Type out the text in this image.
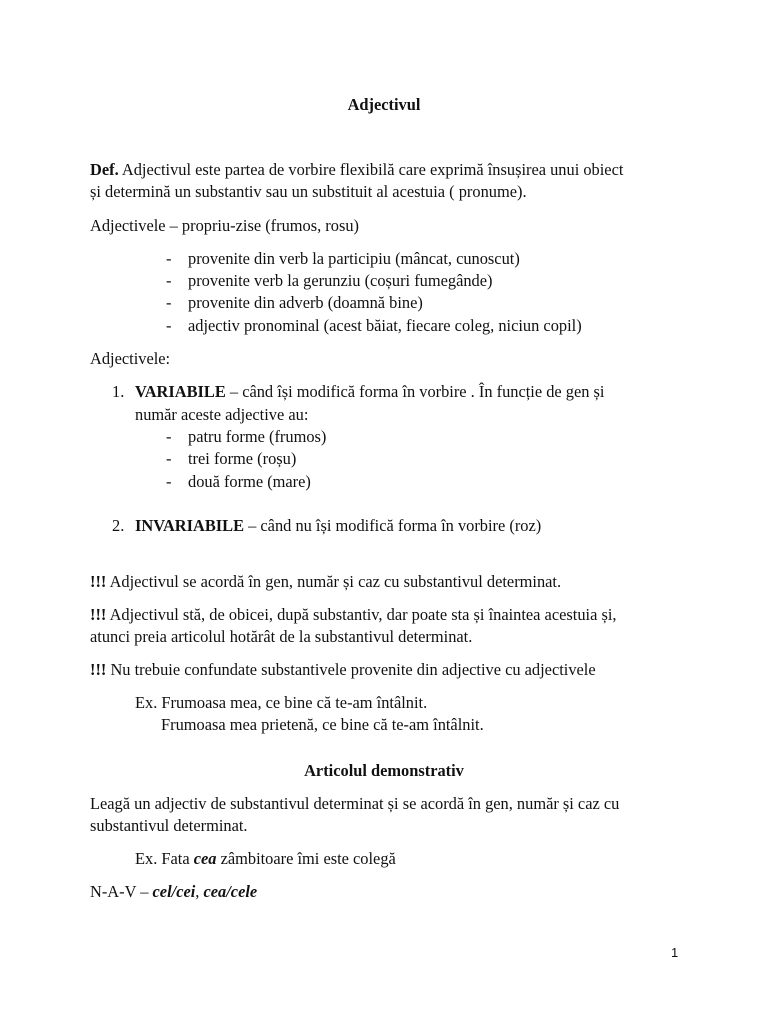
Adjectivul
Def. Adjectivul este partea de vorbire flexibilă care exprimă însușirea unui obiect
și determină un substantiv sau un substituit al acestuia ( pronume).
Adjectivele – propriu-zise (frumos, rosu)
- provenite din verb la participiu (mâncat, cunoscut)
- provenite verb la gerunziu (coșuri fumegânde)
- provenite din adverb (doamnă bine)
- adjectiv pronominal (acest băiat, fiecare coleg, niciun copil)
Adjectivele:
1. VARIABILE – când își modifică forma în vorbire . În funcție de gen și
număr aceste adjective au:
- patru forme (frumos)
- trei forme (roșu)
- două forme (mare)
2. INVARIABILE – când nu își modifică forma în vorbire (roz)
!!! Adjectivul se acordă în gen, număr și caz cu substantivul determinat.
!!! Adjectivul stă, de obicei, după substantiv, dar poate sta și înaintea acestuia și,
atunci preia articolul hotărât de la substantivul determinat.
!!! Nu trebuie confundate substantivele provenite din adjective cu adjectivele
Ex. Frumoasa mea, ce bine că te-am întâlnit.
Frumoasa mea prietenă, ce bine că te-am întâlnit.
Articolul demonstrativ
Leagă un adjectiv de substantivul determinat și se acordă în gen, număr și caz cu
substantivul determinat.
Ex. Fata cea zâmbitoare îmi este colegă
N-A-V – cel/cei, cea/cele
1
